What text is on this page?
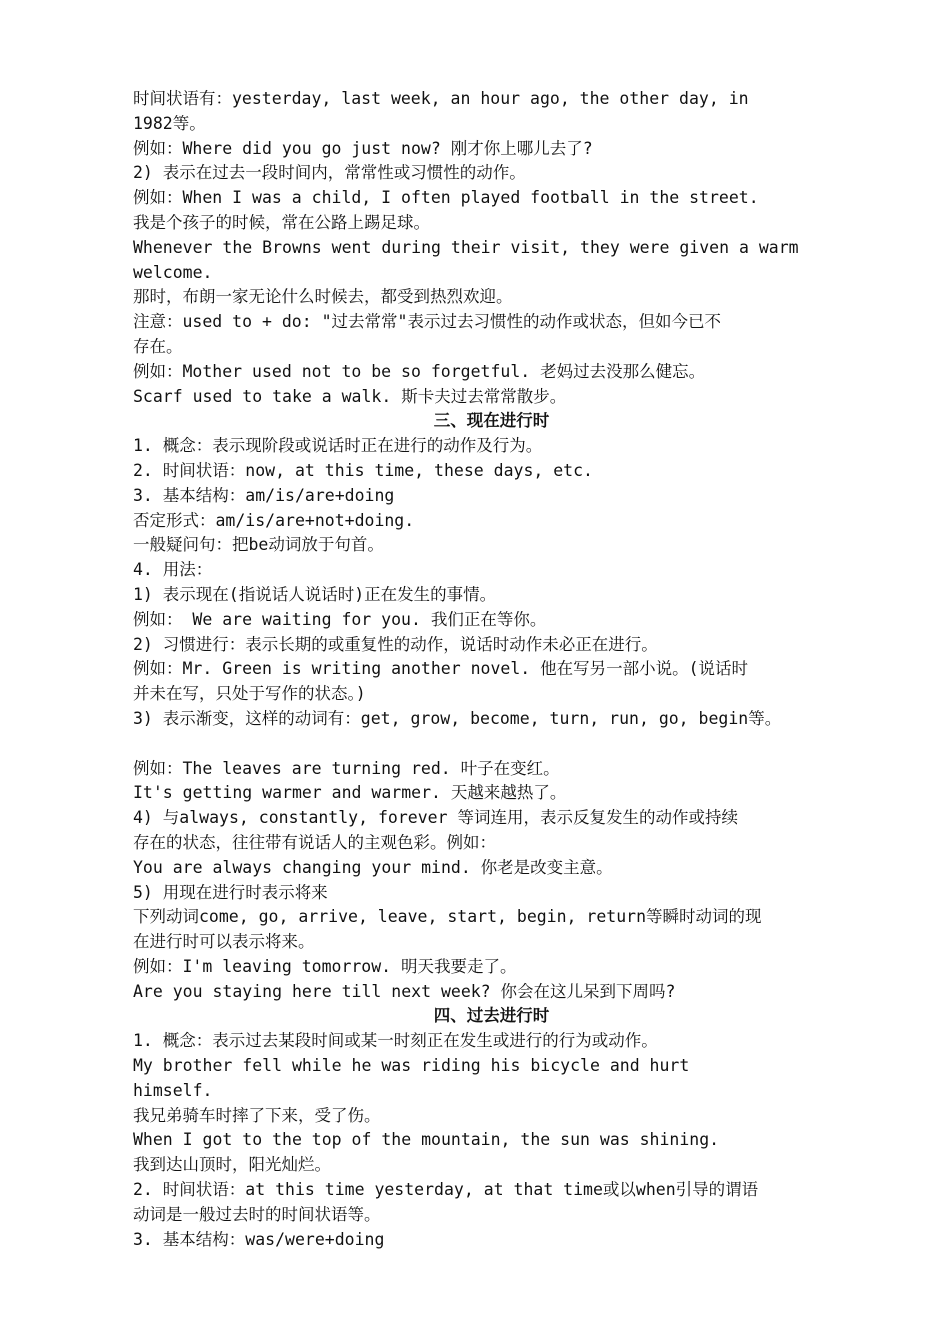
时间状语有：yesterday, last week, an hour ago, the other day, in

1982等。

例如：Where did you go just now? 刚才你上哪儿去了?

2) 表示在过去一段时间内，常常性或习惯性的动作。

例如：When I was a child, I often played football in the street.

我是个孩子的时候，常在公路上踢足球。

Whenever the Browns went during their visit, they were given a warm

welcome.

那时，布朗一家无论什么时候去，都受到热烈欢迎。

注意：used to + do: "过去常常"表示过去习惯性的动作或状态，但如今已不

存在。

例如：Mother used not to be so forgetful. 老妈过去没那么健忘。

Scarf used to take a walk. 斯卡夫过去常常散步。

三、现在进行时

1. 概念：表示现阶段或说话时正在进行的动作及行为。

2. 时间状语：now, at this time, these days, etc.

3. 基本结构：am/is/are+doing

否定形式：am/is/are+not+doing.

一般疑问句：把be动词放于句首。

4. 用法：

1) 表示现在(指说话人说话时)正在发生的事情。

例如： We are waiting for you. 我们正在等你。

2) 习惯进行：表示长期的或重复性的动作，说话时动作未必正在进行。

例如：Mr. Green is writing another novel. 他在写另一部小说。(说话时

并未在写，只处于写作的状态。)

3) 表示渐变，这样的动词有：get, grow, become, turn, run, go, begin等。

例如：The leaves are turning red. 叶子在变红。

It's getting warmer and warmer. 天越来越热了。

4) 与always, constantly, forever 等词连用，表示反复发生的动作或持续

存在的状态，往往带有说话人的主观色彩。例如：

You are always changing your mind. 你老是改变主意。

5) 用现在进行时表示将来

下列动词come, go, arrive, leave, start, begin, return等瞬时动词的现

在进行时可以表示将来。

例如：I'm leaving tomorrow. 明天我要走了。

Are you staying here till next week? 你会在这儿呆到下周吗?

四、过去进行时

1. 概念：表示过去某段时间或某一时刻正在发生或进行的行为或动作。

My brother fell while he was riding his bicycle and hurt

himself.

我兄弟骑车时摔了下来，受了伤。

When I got to the top of the mountain, the sun was shining.

我到达山顶时，阳光灿烂。

2. 时间状语：at this time yesterday, at that time或以when引导的谓语

动词是一般过去时的时间状语等。

3. 基本结构：was/were+doing
